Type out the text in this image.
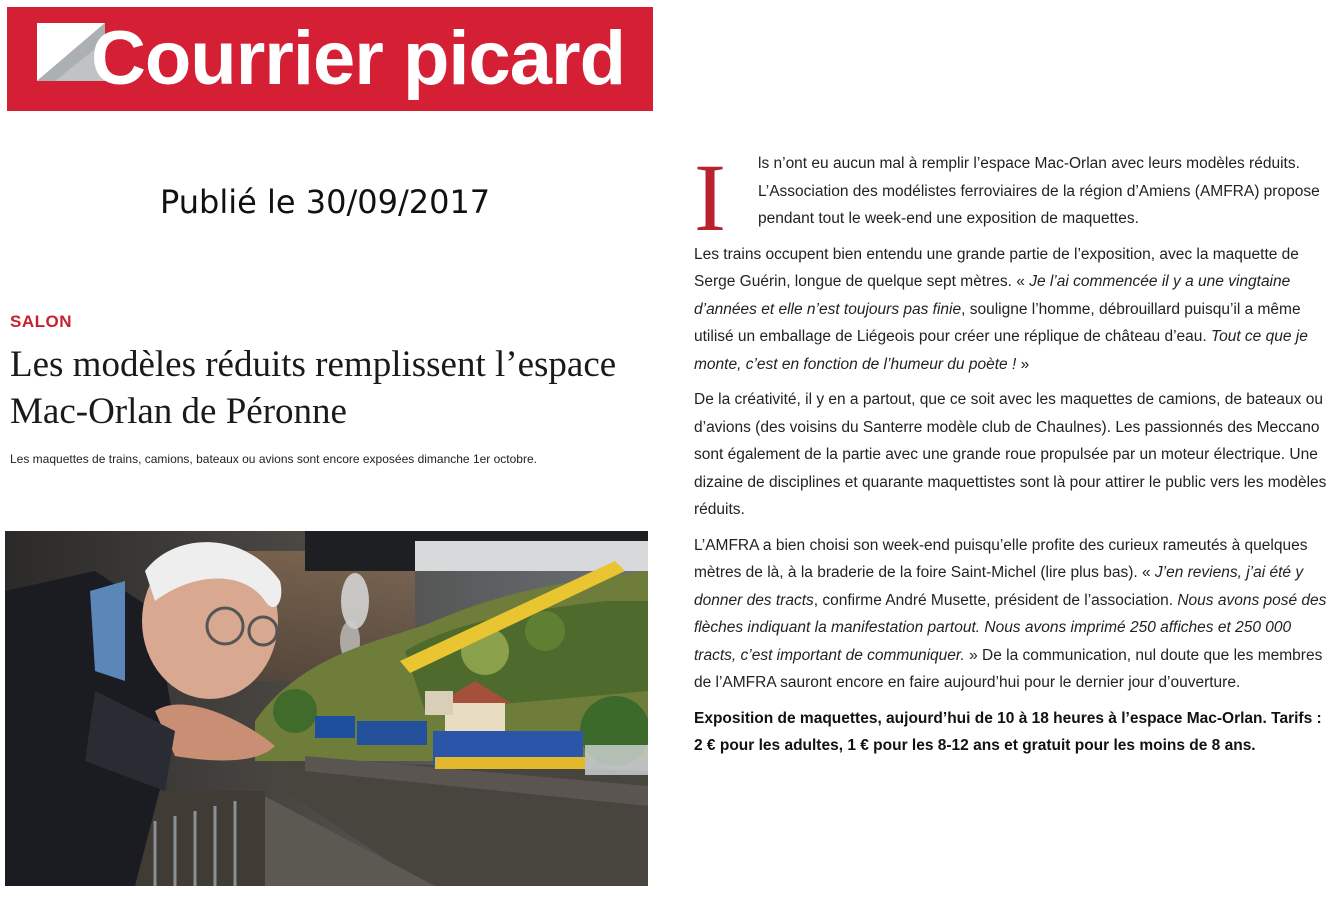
Courrier picard
Publié le 30/09/2017
SALON
Les modèles réduits remplissent l’espace Mac-Orlan de Péronne
Les maquettes de trains, camions, bateaux ou avions sont encore exposées dimanche 1er octobre.

I ls n’ont eu aucun mal à remplir l’espace Mac-Orlan avec leurs modèles réduits. L’Association des modélistes ferroviaires de la région d’Amiens (AMFRA) propose pendant tout le week-end une exposition de maquettes.

Les trains occupent bien entendu une grande partie de l’exposition, avec la maquette de Serge Guérin, longue de quelque sept mètres. « Je l’ai commencée il y a une vingtaine d’années et elle n’est toujours pas finie, souligne l’homme, débrouillard puisqu’il a même utilisé un emballage de Liégeois pour créer une réplique de château d’eau. Tout ce que je monte, c’est en fonction de l’humeur du poète ! »

De la créativité, il y en a partout, que ce soit avec les maquettes de camions, de bateaux ou d’avions (des voisins du Santerre modèle club de Chaulnes). Les passionnés des Meccano sont également de la partie avec une grande roue propulsée par un moteur électrique. Une dizaine de disciplines et quarante maquettistes sont là pour attirer le public vers les modèles réduits.

L’AMFRA a bien choisi son week-end puisqu’elle profite des curieux rameutés à quelques mètres de là, à la braderie de la foire Saint-Michel (lire plus bas). « J’en reviens, j’ai été y donner des tracts, confirme André Musette, président de l’association. Nous avons posé des flèches indiquant la manifestation partout. Nous avons imprimé 250 affiches et 250 000 tracts, c’est important de communiquer. » De la communication, nul doute que les membres de l’AMFRA sauront encore en faire aujourd’hui pour le dernier jour d’ouverture.

Exposition de maquettes, aujourd’hui de 10 à 18 heures à l’espace Mac-Orlan. Tarifs : 2 € pour les adultes, 1 € pour les 8-12 ans et gratuit pour les moins de 8 ans.
